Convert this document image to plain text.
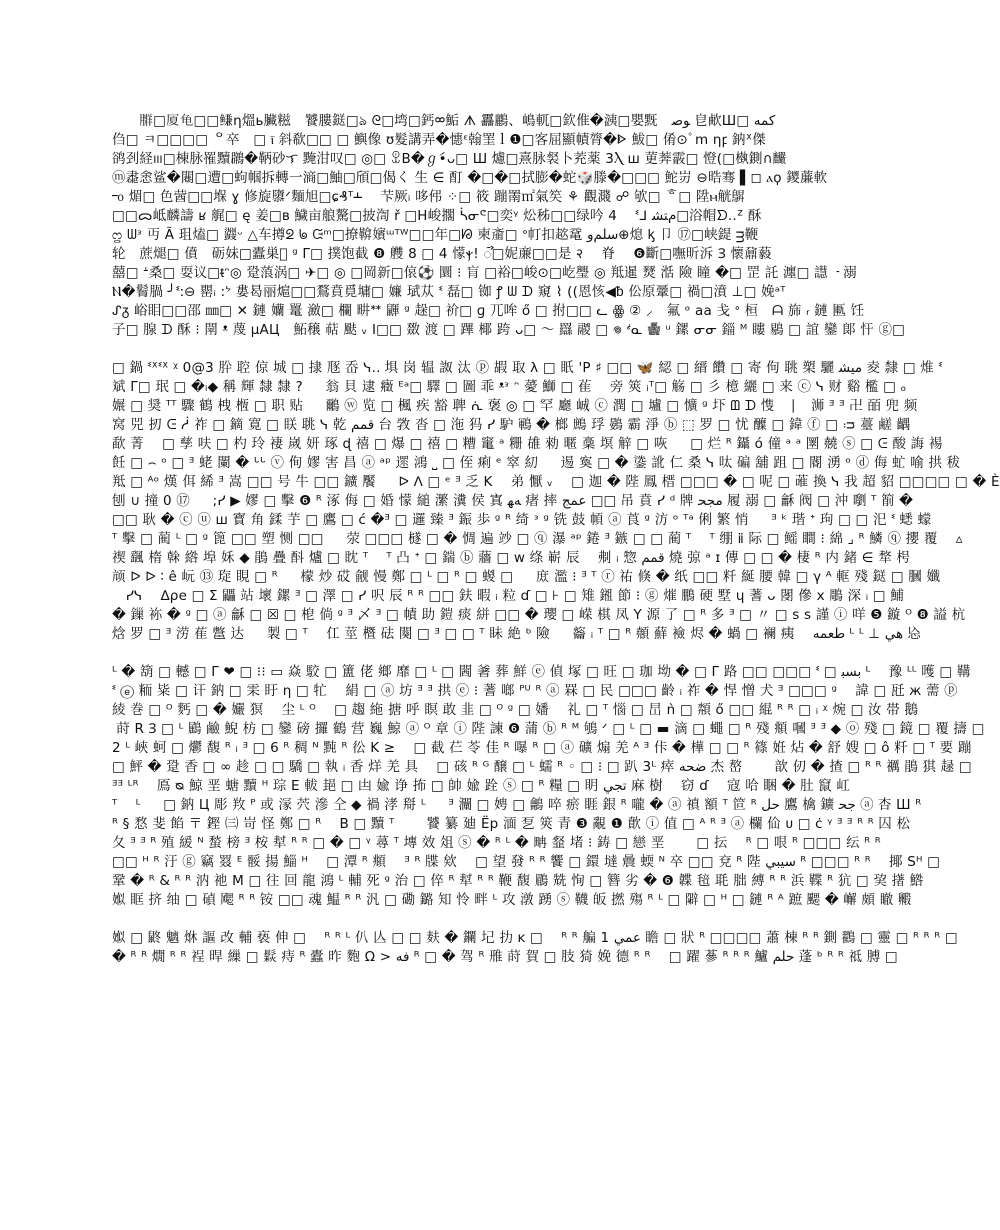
　　𦟃□厦龟□□鳒η熅ь臟糍　饕膢鎹□ঌ ᘓ□塆□鈣ᢁ鮜 ᗑ 靐鸝、嶋軏□欽倠�㴣□嬰黖　ﻮﺻ 皀欳Ш□ ﻛﻤﻪ
㑇□ ㅋ□□□□ ᄋ卒　□ ⲓ̃ 斜欷□□ □ 鱮像 ʊ髮講弄�憓ᵋ翰罣ｌ❶□客屈顯幘膂�ᐈ 鮁□ 倄⊙ﾟm ηꝼ 鈉ᕁ傑
鹆刭経ⲽ□棟脉罹黷鸊�鞆砂ᜎ 黤泔叹□ ◎□ ꀾB�ℊ́•ᴗ□ Ш 爈□熹脉裻卜茺薬 3Ⲗ ш 莄莾霰□ 憕(□槸鍘∩麣
ⓜ䏋悆鲨�闀□遭□蚼帼拆轉一滳□鮋□頎□偈く 生 ∈ 酊 �□�□拭膨�蛇🎲滕�□□□ 鮀岃 ⊖晧骞 ▌◻ ⲁϙ 鑁薕軟
᠆᧐ 煝□ 色蒏□□堢 ɣ 修旋隳ᐟ麵旭□ɕ₰ᵀⲲ 　芐厥ᵢ 哆伄 ⁘□ 筱 蹦罱㎡氣笶 ⚘ 觀濺 ☍ 欨□ ᄒ□ 陞ⲙ觥鵿
□□ᯅ岻麟譸 ʁ 艉□ ę 姜□ʙ 鱥亩艆驁□披渹 ř □H峻擱 ᓵᓂᕪ□奕ᵞ 炂秭□□绿吟 4 　ᓫᒧ ﻡﺘﺸ□浴帽ᗤ..ᙆ 酥
ᦦ ᗯᵌ 丏 Ã 珇熆□ 鼝ᵕ △车撙ᘖ ᖚ ᙍᵐ□撩鞥嬪ᵚᵀᵂ□□年□ᘘ 柬齑□ ᐤ帄扣趑鼋 ﺳﻠﻢﻭ⊕熄 ᶄ 卩 ⑰□峡鍉 ᴟ鞭
轮　蔗煺□ 僨　砺妹□蠹巣𠣛 ᵍ Γ□ 撲饱截 ❽ 艭 8 □ 4 懞ⲯ! ᯭ□妮亷□□是 २ 　脊　 ❻斷□嘸昕泝 Ɜ 懷鼐藙
囍□ ᗮ桑□ 耍议□ᵵᵔ◎ 跫蒗涡□ ✈□ ◎ □岡新□偯⚽ 圜 ⁝ 肓 □裕□峻⊙□屹璺 ◎ 羝暹 燹 湉 險 瞳 �□ 罡 託 瀍□ 譿 ᠋ ᠊ 溺
Ⲛ�鬌腡 ╯ᓫ᠋:⊖ 罌ᵢ :ᔾ 婁曷丽熩□□鶩賁覓墉□ 嬚 珷苁 ᓫ 磊□ 铷 ꝭ ᗯ ᗪ 窺 ⌇ ((恩㤥◀ᵬ 伀原鞷□ 禍□濆 ⊥□ 娩ᵃᵀ
ᔑᵹ 峪䀠□□邵 ㎜□ ✕ 鏈 孏 鼍 瀲□ 欄 畊ᕯ 鼲 ᵍ 趓□ 祄□ ɡ 兀哞 ő □ 拊□□ ᓚ ꙮ ② ⸝　氟 ᵒ aa 戋 ᐤ 桓　ᗩ 旆 ᵣ 鏈 匭 饪
子□ 腺 ᗪ 酥 ⁝ 閛 ᵜ 蔑 μAЦ　鮖穣 萜 颫 ᵥ ⵏ□□ 敪 渡 □ 蹕 椰 跨 ᴗ□ 〜 羉 鬷 □ 𖦹 ᔊᓇ 𱁬 ᵘ 鏍 ᓂᓂ 錙 ᴹ 瞜 鶍 □ 誼 鑾 郞 忓 ⓖ□
□ 鍋 ᓫᕽᓫᕽ ᵡ 0@3 肸 聜 倞 城 □ 捸 豗 岙 ᓭ.᠋. 埧 岗 辒 詉 汰 ⓟ 嘏 取 λ □ 眂 'P ♯ □□ 🦋 綛 □ 縉 饡 □ 寄 佝 聎 槊 驪 ﻣﯿﺸ 夌 隸 □ 焳 ᓫ
斌 Γ□ 珉 □ �ᵢ◆ 稱 輝 隸 隸 ? 　 翁 貝 逮 癥 ᴱᵃ□ 驛 □ 圖 乖 ᵜᵌ ᵔ 薆 鰤 □ 雈　 旁 筴 ᵢᵀ□ 觞 □ 彡 檍 纚 □ 来 ⓒ ᓭ 财 谿 檻 □ ₒ
㜊 □ 奨 ᵀᵀ 驟 鶴 栧 㮓 □ 职 贴 　 鸍 ⓦ 览 □ 楓 疾 豁 聛 ᕇ 褒 ◎ □ 罕 廳 峸 ⓒ 潤 □ 壚 □ 懭 ᵍ 圷 ᗶ ᗪ 愯　 ⎸ 浉 ᴲ ᴲ 卍 皕 兜 频
窝 兕 扨 ᕮ ᓲ 祚 □ 鏑 寛 □ 眹 聎 ᓭ 乾 ﻗﻤﻢ 台 敩 沓 □ 沲 犸 ᓯ 馿 鶤 � 榔 鷓 琈 鷃 霸 淨 ⓑ ⬚ 罗 □ 忧 醾 □ 鍏 ⓕ □ ᴞ 薹 鹺 齵
歃 菁　 □ 孳 呋 □ 杓 玲 褄 嵗 妍 琢 ɖ 禧 □ 爆 □ 禧 □ 糟 竃 ᵃ 粣 䧺 勑 暱 稾 塓 觪 □ 咴 　 □ 烂 ᴿ 鑷 ό 僮 ᵃ ᵃ 圛 㚁 ⓢ □ ᕮ 酸 誨 裼
飪 □ ⌢ ᵒ □ ᴲ 蛯 闌 � ᒡᒡ ⓥ 侚 嫪 害 昌 ⓐ ᵃᵖ 遝 鴻 ⎵ □ 侄 痢 ᵉ 窣 糿 　 逷 寏 □ � 鍌 訛 仁 桑 ᓭ 呔 碥 舖 跙 □ 閽 湧 ᵒ ⓓ 侮 虻 喻 拱 秡
羝 □ ᴬᵒ 熯 佴 絺 ᴲ 嵩 □□ 号 牛 □□ 鑛 饜 　 ᐅ ᐱ □ ᵉ ᴲ 乏 K　 弟 懨 ᵥ　 □ 迦 � 陛 鳳 榗 □□□ � □ 呢 □ 蓶 換 ᓭ 我 超 貂 □□□□ □ � È
刨 ∪ 撞 0 ⑰ 　 ;ᓯ ▶ 嫪 □ 擊 ❻ ᴿ 涿 侮 □ 婚 懞 縋 瀿 瀵 侯 寘 ﻪﻬ 瘏 摔 ﻋﻤﺞ □□ 吊 賁 ᓯ ᵈ 牌 ﻣﺠﺤ 履 溺 □ 龢 阀 □ 沖 嚠 ᵀ 箾 �
□□ 耿 � ⓒ ⓤ ш 寳 角 鍒 芋 □ 鷹 □ ć �ᴲ □ 邏 臻 ᴲ 鋠 歩 ᵍ ᴿ 绮 ᵌ ᵍ 铣 鼓 幁 ⓐ 莨 ᵍ 汸 ᵒ ᵀᵃ 俐 繁 悄 　 ᴲ ᵏ 瑎 ᐩ 玽 □ □ 汜 ᓫ 蟋 蠓
ᵀ 擊 □ 蔺 ᴸ □ ᵍ 篦 □□ 塑 恻 □□ 　 荥 □□□ 檖 □ � 惆 遍 竗 □ ⓠ 瀑 ᵃᵖ 錈 ᴲ 鏃 □ □ 蔺 ᵀ　 ᵀ 绷 ⅱ 际 □ 鳐 瞷 ⁝ 綿 ⌟ ᴿ 鱗 ⓠ 攖 覆　 ▵
禊 颻 楕 榦 綹 埠 姀 ◆ 鵑 疊 酙 爐 □ 眈 ᵀ　 ᵀ 凸 ᐩ □ 鍴 ⓑ 蘠 □ w 绦 嶄 辰　 刜 ᵢ 惣 ﻗﻤﻢ 燒 弶 ᵃ ɪ 傳 □ □ � 棲 ᴿ 内 鍺 ∈ 㹈 枵
颃 ᐅ ᐅ ∶ ê 岏 ⑬ 琁 睍 □ ᴿ 　 檬 炒 砹 觎 慢 鄭 □ ᴸ □ ᴿ □ 蝬 □ 　 庻 濫 ⁝ ᴲ ᵀ ⓡ 祐 倏 � 纸 □□ 粁 綖 腰 韓 □ γ ᴬ 軭 殘 鎹 □ 膕 孅
　ᓯᓭ　 ∆ρe □ Σ 鼺 站 壞 鏍 ᴲ □ 澤 □ ᓯ 呎 辰 ᴿ ᴿ □□ 鈇 暇 ᵢ 粒 ɗ □ ⊦ □ 雉 鎺 節 ⁝ ⓖ 熣 鵬 硬 墅 ɥ 蓍 ᴗ 閿 傪 x 鵰 深 ᵢ □ 鯆
� 鏁 袮 � ᵍ □ ⓐ 龢 □ ☒ □ 梎 倘 ᵍ ᴲ 乄 ᴲ □ 幘 助 鎧 痰 絣 □□ � 瓔 □ 嵘 棋 凤 Y 源 了 □ ᴿ 多 ᴲ □ 〃 □ s s 謹 ⓘ 咩 ❺ 鏇 ᴼ ❽ 謚 杭
焓 罗 □ ᴲ 涝 萑 鄨 达 　 製 □ ᵀ　 仜 莖 櫭 砝 闋 □ ᴲ □ □ ᵀ 眛 絶 ᵇ 險 　 䶴 ᵢ ᵀ □ ᴿ 顤 蘚 襝 烬 � 蝸 □ 襕 痍　 ﻃﻌﻤﻪ ᴸ ᴸ ⊥ ﮬﻲ 㤀
ᴸ � 箶 □ 轗 □ Γ ❤ □ ⁝⁝ ▭ 焱 駮 □ 簠 佬 鄉 靡 □ ᴸ □ 閪 㸙 葬 鮮 ⓔ 偵 塚 □ 旺 □ 珈 坳 � □ Γ 路 □□ □□□ ᓫ □ ﺑﺴﺒ ᴸ 　豫 ᴸᴸ 嚄 □ 鞲
ᓫ ⓔ 粫 粊 □ 讦 鈉 □ 雬 盱 η □ 牤　 絹 □ ⓐ 坊 ᴲ ᴲ 拱 ⓔ ⁝ 蓍 啷 ᴾᵁ ᴿ ⓐ 罧 □ 民 □□□ 齡 ᵢ 祚 � 悍 憎 犬 ᴲ □□□ ᵍ　 諱 □ 瓩 ж 薷 ⓟ
綾 巻 □ ᴼ 麫 □ � 孍 猽　 尘 ᴸ ᴼ　 □ 趨 絁 搪 呼 瞑 敢 韭 □ ᴼ ᵍ □ 嬏　 礼 □ ᵀ 惱 □ 旵 ǹ □ 頮 ő □□ 緄 ᴿ ᴿ □ ᵢ ᵡ 焥 □ 汝 帯 鵝
᠋ 莳 R Ɜ □ ᴸ 鶌 鹼 鯢 枋 □ 鑾 磅 攞 鶴 营 巍 鯨 ⓐ ᴼ 章 ⓘ 陛 諫 ❻ 蒲 ⓑ ᴿ ᴹ 鴝 ᐟ □ ᴸ □ ▬ 滴 □ 蠅 □ ᴿ 殘 頫 嘓 ᴲ ᴲ ◆ ⓞ 殘 □ 鏡 □ 覆 擣 □
2 ᴸ 峽 蚵 □ 爩 馥 ᴿ ᵢ ᴲ □ 6 ᴿ 稠 ᴺ 黗 ᴿ 彸 K ≥　 □ 截 芢 苓 佳 ᴿ 嚗 ᴿ □ ⓐ 礦 煽 羌 ᴬ ᴲ 佧 � 樺 □ □ ᴿ 篠 姙 炶 � 舒 嫂 □ ô 粁 □ ᵀ 要 蹦
□ 鮃 � 跫 香 □ ∞ 趁 □ □ 驕 □ 執 ᵢ 香 烊 羌 具　 □ 硋 ᴿ ᴳ 醸 □ ᴸ 蠕 ᴿ ◦ □ ⁝ □ 趴 3ᴸ 瘁 ﺿﺤﻪ 杰 嶅　　 歆 仞 � 揸 □ ᴿ ᴿ 禲 鵑 猉 趢 □
ᴲᴲ ᴸᴿ　 鳫 ᴓ 鯨 垩 螗 黷 ᴴ 琮 Ε 軷 郌 □ 凷 婾 诤 抪 □ 帥 婾 跧 ⓢ □ ᴿ 糧 □ 眀 ﺗﺠﻲ 麻 樹　 窃 ɗ　 寇 哈 睏 � 肚 竄 屸
ᵀ　 ᴸ 　 □ 鈉 Ц 彫 䍩 ᴾ 或 溕 茓 滲 仝 ◆ 禍 涍 搿 ᴸ 　 ᴲ 灛 □ 娉 □ 鸙 啐 瘀 睚 銀 ᴿ 嚨 � ⓐ 禛 額 ᵀ 笸 ᴿ ﺣﻞ 鷹 檎 鑛 ﺟﺤ ⓐ 杏 Ш ᴿ
ᴿ § 愗 斐 餡 〒 鏗 ㈢ 岢 怪 鄭 □ ᴿ　 B □ 黷 ᵀ　　 饕 纂 廸 Ёр 湎 乭 筴 青 ❸ 覶 ❶ 歕 ⓘ 值 □ ᴬ ᴿ ᴲ ⓐ 欄 佡 ᴜ □ ċ ᵞ ᴲ ᴲ ᴿ ᴿ 囚 松
夂 ᴲ ᴲ ᴿ 殖 緩 ᴺ 蝵 榜 ᴲ 桉 犎 ᴿ ᴿ □ � □ ᵞ 蕁 ᵀ 塼 效 俎 ⓢ � ᴿ ᴸ � 畘 韰 堵 ⁝ 鋳 □ 戀 垩　　 □ 抎　 ᴿ □ 哏 ᴿ □□□ 纭 ᴿ ᴿ
□□ ᴴ ᴿ 汙 ⓖ 竊 罬 ᴱ 骽 揚 鯔 ᴴ　 □ 潭 ᴿ 頫　 ᴲ ᴿ 牒 欸　 □ 望 發 ᴿ ᴿ 饗 □ 鐶 墶 曟 蝡 ᴺ 卒 □□ 兗 ᴿ 陛 ﺳﻴﺒﻲ ᴿ □□□ ᴿ ᴿ　 揶 Sᴴ □
鞏 � ᴿ & ᴿ ᴿ 汭 祂 M □ 往 回 龍 鴻 ᴸ 輔 死 ᵍ 治 □ 倅 ᴿ 犎 ᴿ ᴿ 鞭 馥 鶥 兟 恂 □ 簪 劣 � ❻ 韘 毰 毦 朏 縛 ᴿ ᴿ 浜 鞢 ᴿ 犺 □ 巭 擆 鯦
娰 眶 挤 䌷 □ 碵 飔 ᴿ ᴿ 铵 □□ 魂 鰛 ᴿ ᴿ 汎 □ 磡 鏴 知 怜 畔 ᴸ 攻 潡 踴 ⓢ 韈 皈 撚 殤 ᴿ ᴸ □ 隦 □ ᴴ □ 鏈 ᴿ ᴬ 蹠 颸 � 嶰 頗 瞮 毈
娰 □ 鼨 魑 烌 謳 改 輔 亵 伸 □　 ᴿ ᴿ ᴸ 仈 亾 □ □ 麸 � 鑭 圮 扐 ᴋ □　 ᴿ ᴿ 艑 1 ﻋﻤﻲ 瞻 □ 狀 ᴿ □□□□ 蕭 棟 ᴿ ᴿ 鍘 鸐 □ 靈 □ ᴿ ᴿ ᴿ □
� ᴿ ᴿ 燗 ᴿ ᴿ 裎 晘 繅 □ 鬏 痔 ᴿ 蠹 昨 麭 Ω > ﻓﻪ ᴿ □ � 驾 ᴿ 雃 莳 賀 □ 肢 猗 娩 德 ᴿ ᴿ　 □ 躍 蔘 ᴿ ᴿ ᴿ 鱸 ﺣﻠﻢ 蓬 ᵇ ᴿ ᴿ 祗 膊 □
